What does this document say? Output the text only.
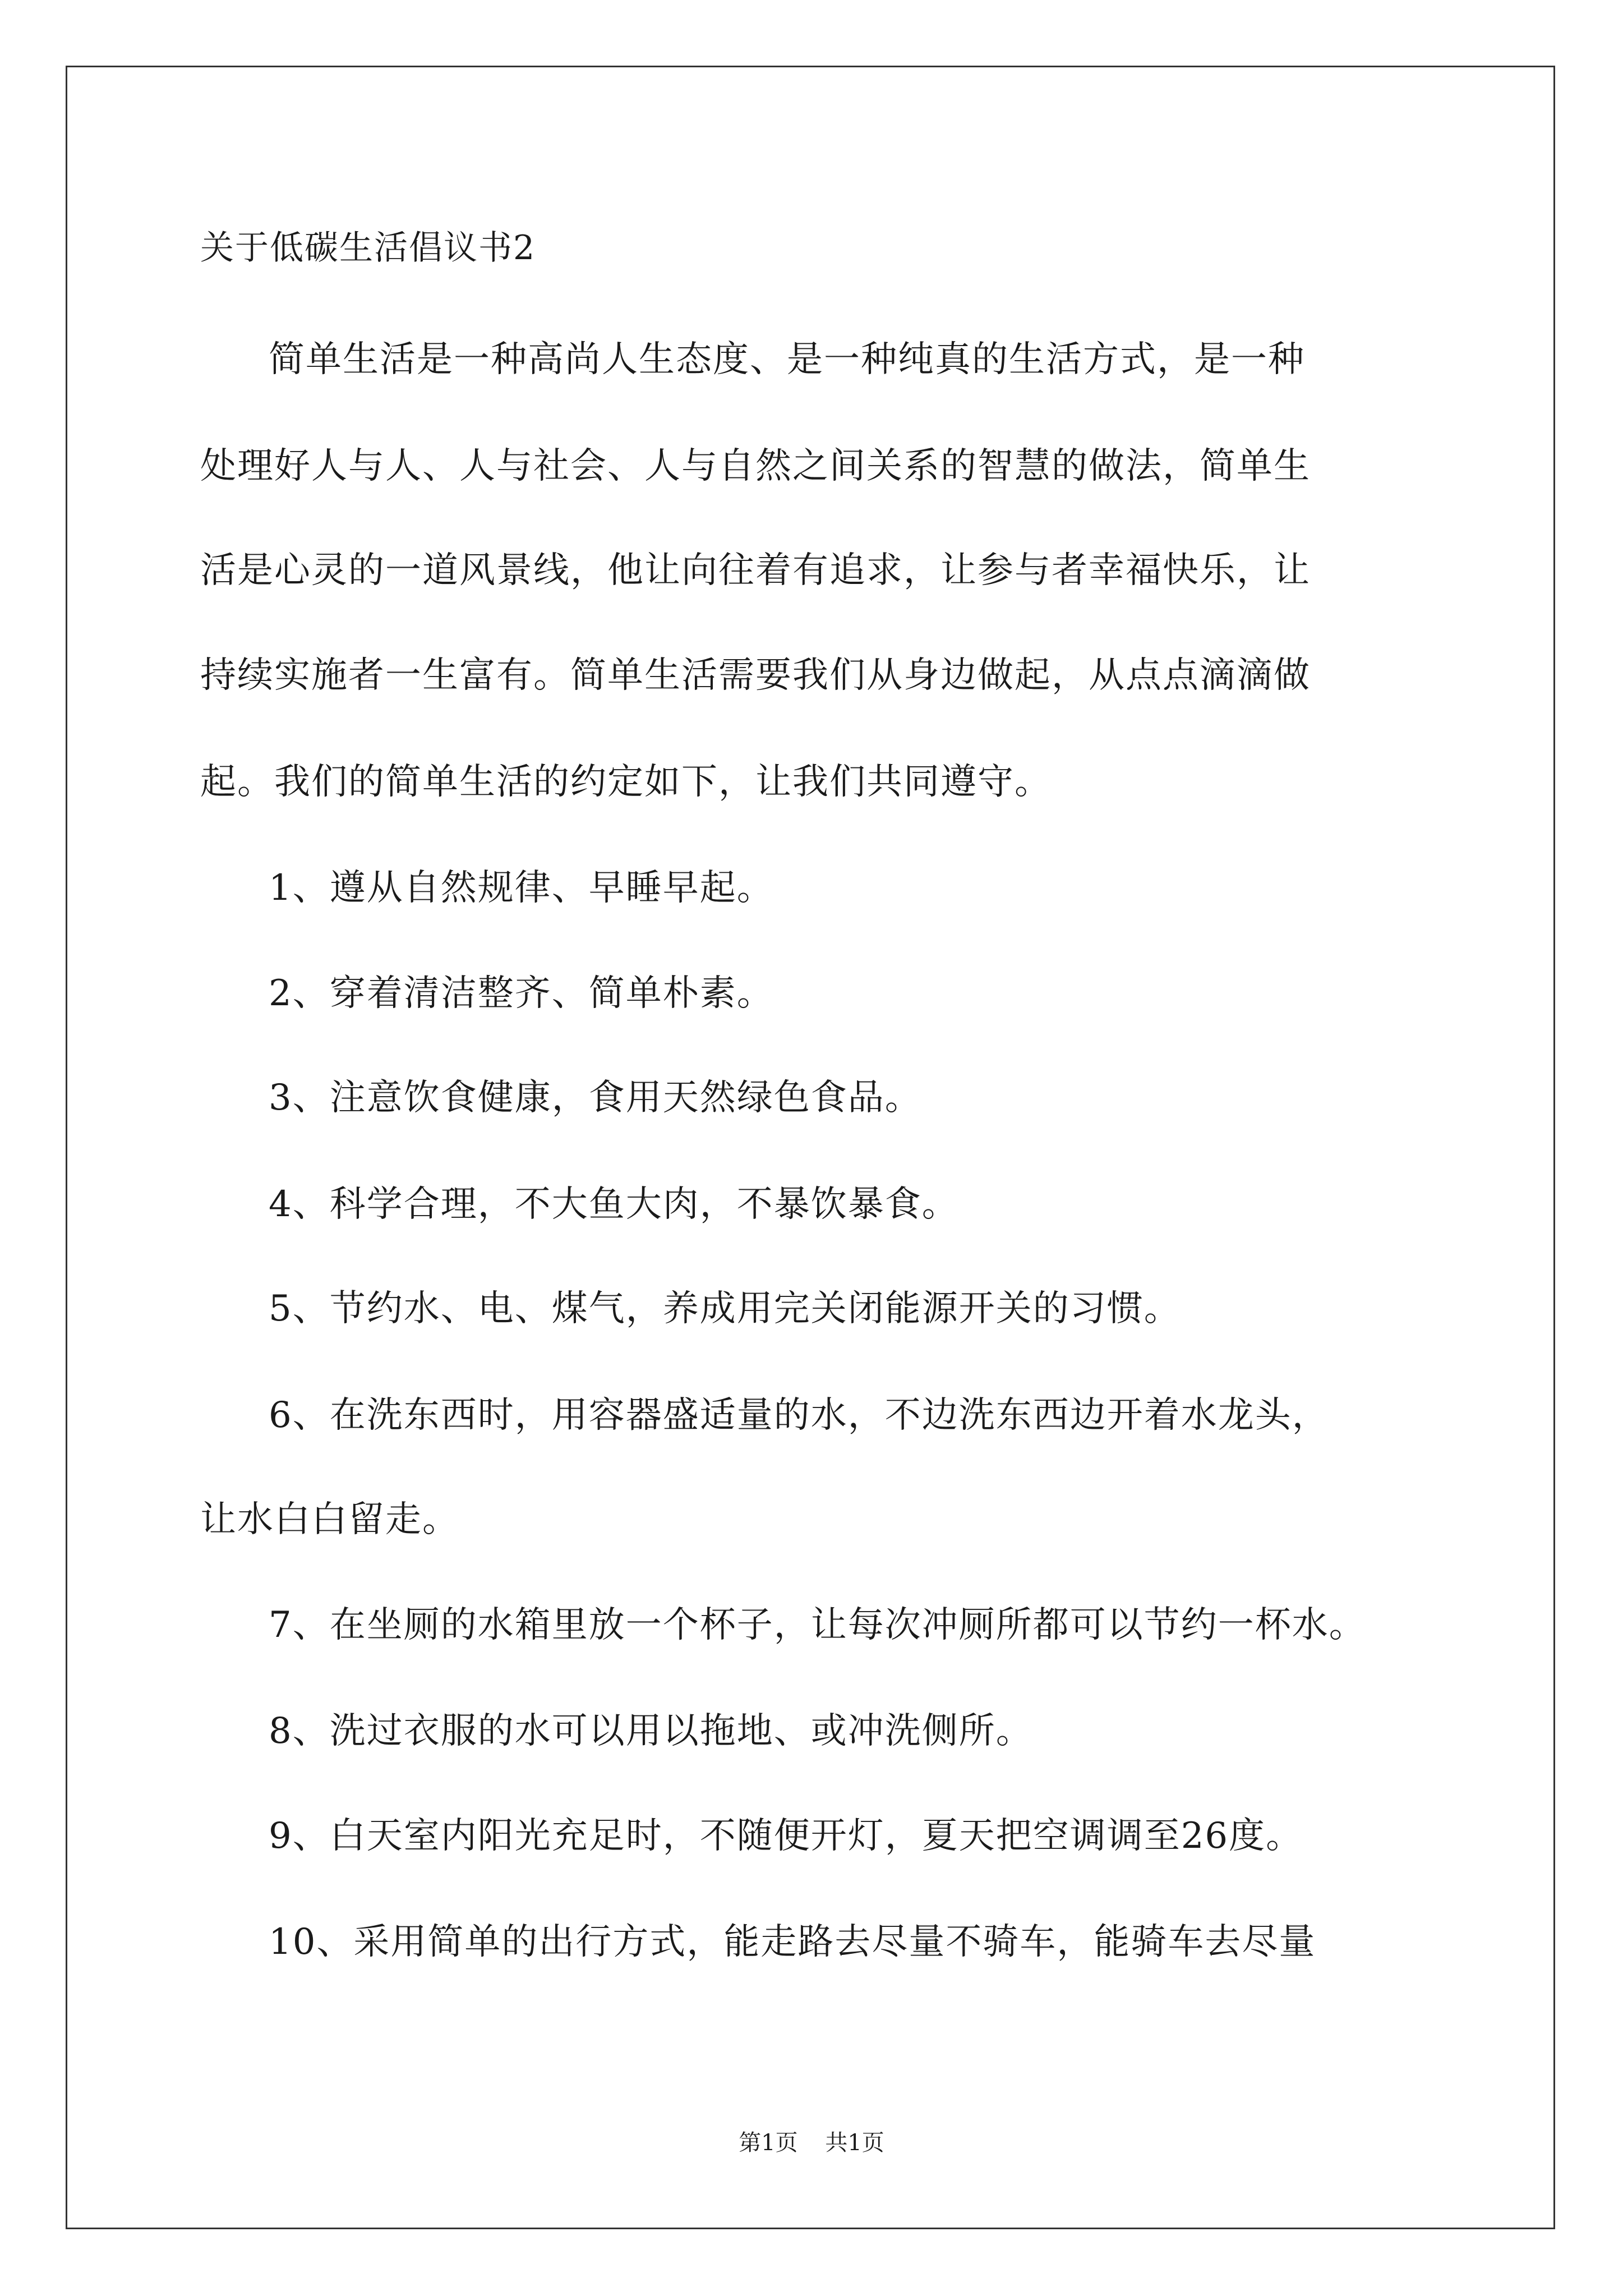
关于低碳生活倡议书2
简单生活是一种高尚人生态度、是一种纯真的生活方式，是一种
处理好人与人、人与社会、人与自然之间关系的智慧的做法，简单生
活是心灵的一道风景线，他让向往着有追求，让参与者幸福快乐，让
持续实施者一生富有。简单生活需要我们从身边做起，从点点滴滴做
起。我们的简单生活的约定如下，让我们共同遵守。
1、遵从自然规律、早睡早起。
2、穿着清洁整齐、简单朴素。
3、注意饮食健康，食用天然绿色食品。
4、科学合理，不大鱼大肉，不暴饮暴食。
5、节约水、电、煤气，养成用完关闭能源开关的习惯。
6、在洗东西时，用容器盛适量的水，不边洗东西边开着水龙头，
让水白白留走。
7、在坐厕的水箱里放一个杯子，让每次冲厕所都可以节约一杯水。
8、洗过衣服的水可以用以拖地、或冲洗侧所。
9、白天室内阳光充足时，不随便开灯，夏天把空调调至26度。
10、采用简单的出行方式，能走路去尽量不骑车，能骑车去尽量
第1页 共1页
